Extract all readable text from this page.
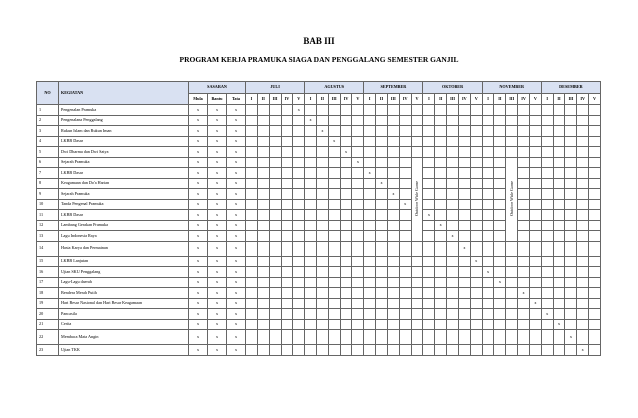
BAB III
PROGRAM KERJA PRAMUKA SIAGA DAN PENGGALANG SEMESTER GANJIL
NO	KEGIATAN	SASARAN			JULI					AGUSTUS					SEPTEMBER					OKTOBER					NOVEMBER					DESEMBER				
		Mula	Bantu	Tata	I	II	III	IV	V	I	II	III	IV	V	I	II	III	IV	V	I	II	III	IV	V	I	II	III	IV	V	I	II	III	IV	V
1	Pengenalan Pramuka	x	x	x					x																									
2	Pengenalana Penggalang	x	x	x						x																								
3	Rukun Islam dan Rukun Iman	x	x	x							x																							
4	LKBB Dasar	x	x	x								x																						
5	Dwi Dharma dan Dwi Satya	x	x	x									x																					
6	Sejarah Pramuka	x	x	x										x					Outdoor Wide Game								Outdoor Wide Game							
7	LKBB Dasar	x	x	x											x																			
8	Keagamaan dan Do'a Harian	x	x	x												x																		
9	Sejarah Pramuka	x	x	x													x																	
10	Tanda Pengenal Pramuka	x	x	x														x																
11	LKBB Dasar	x	x	x																x														
12	Lambang Gerakan Pramuka	x	x	x																	x													
13	Lagu Indonesia Raya	x	x	x																		x												
14	Hasta Karya dan Permainan	x	x	x																			x											
15	LKBB Lanjutan	x	x	x																				x										
16	Ujian SKU Penggalang	x	x	x																					x									
17	Lagu-Lagu daerah	x	x	x																						x								
18	Bendera Merah Putih	x	x	x																								x						
19	Hari Besar Nasional dan Hari Besar Keagamaan	x	x	x																									x					
20	Pancasila	x	x	x																										x				
21	Cerita	x	x	x																											x			
22	Membaca Mata Angin	x	x	x																												x		
23	Ujian TKK	x	x	x																													x	
